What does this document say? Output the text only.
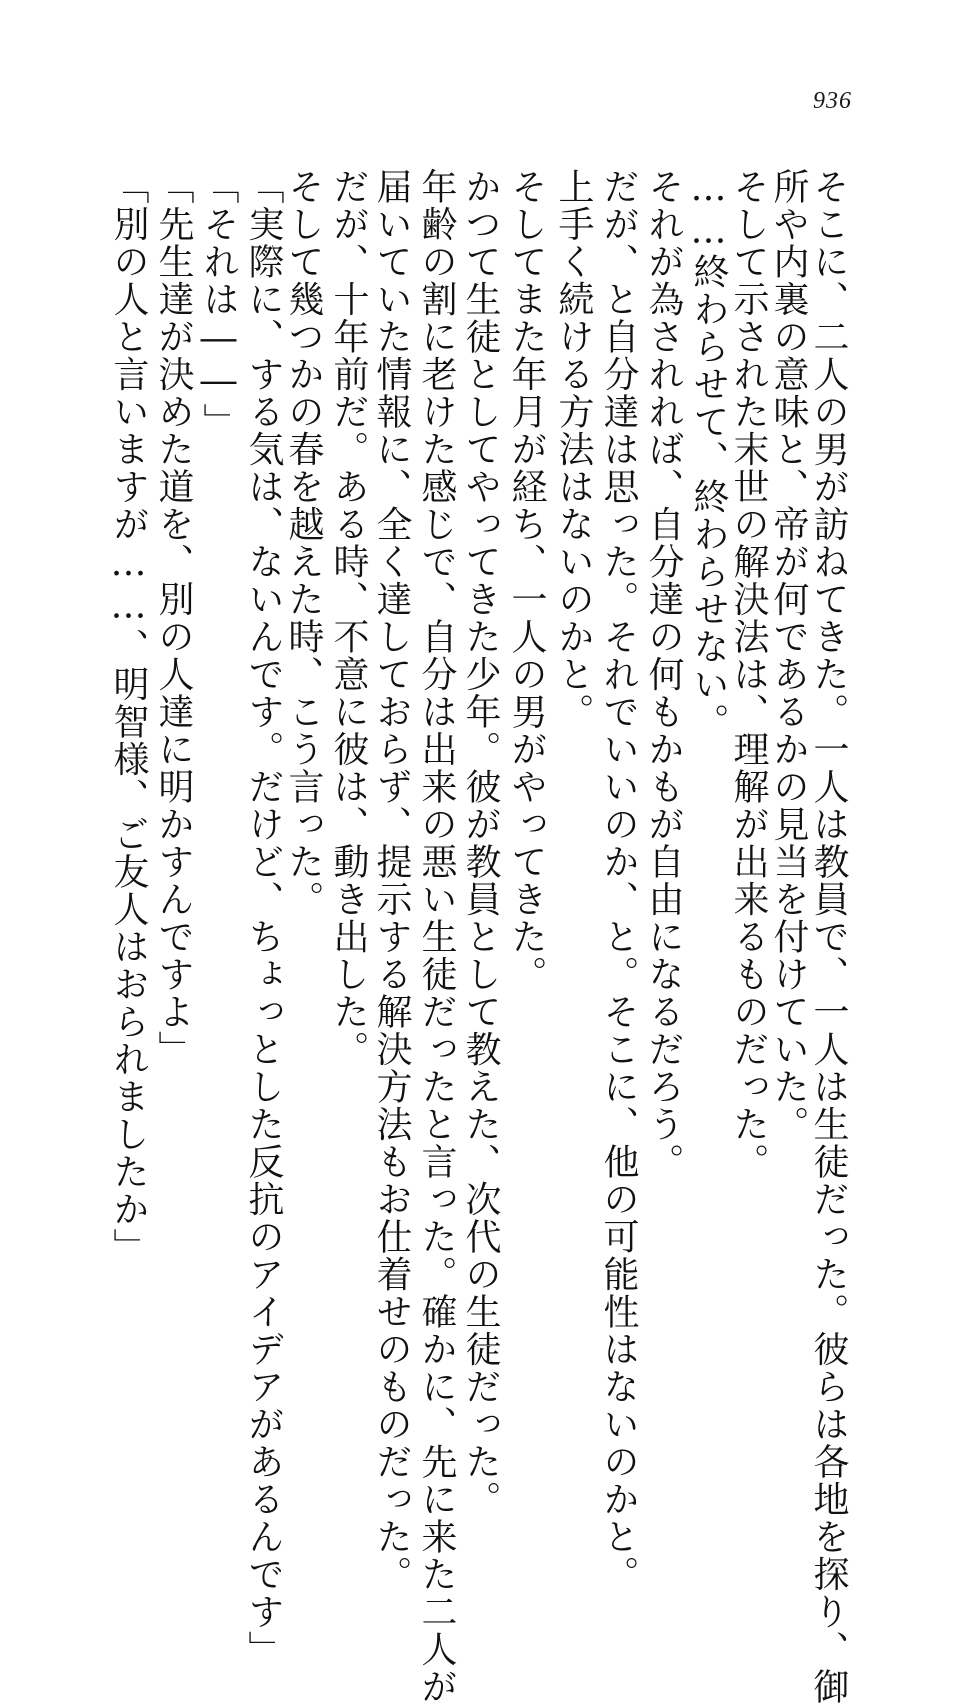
936
そこに、二人の男が訪ねてきた。一人は教員で、一人は生徒だった。彼らは各地を探り、御
所や内裏の意味と、帝が何であるかの見当を付けていた。
そして示された末世の解決法は、理解が出来るものだった。
……終わらせて、終わらせない。
それが為されれば、自分達の何もかもが自由になるだろう。
だが、と自分達は思った。それでいいのか、と。そこに、他の可能性はないのかと。
上手く続ける方法はないのかと。
そしてまた年月が経ち、一人の男がやってきた。
かつて生徒としてやってきた少年。彼が教員として教えた、次代の生徒だった。
年齢の割に老けた感じで、自分は出来の悪い生徒だったと言った。確かに、先に来た二人が
届いていた情報に、全く達しておらず、提示する解決方法もお仕着せのものだった。
だが、十年前だ。ある時、不意に彼は、動き出した。
そして幾つかの春を越えた時、こう言った。
「実際に、する気は、ないんです。だけど、ちょっとした反抗のアイデアがあるんです」
「それは――」
「先生達が決めた道を、別の人達に明かすんですよ」
「別の人と言いますが……、明智様、ご友人はおられましたか」
